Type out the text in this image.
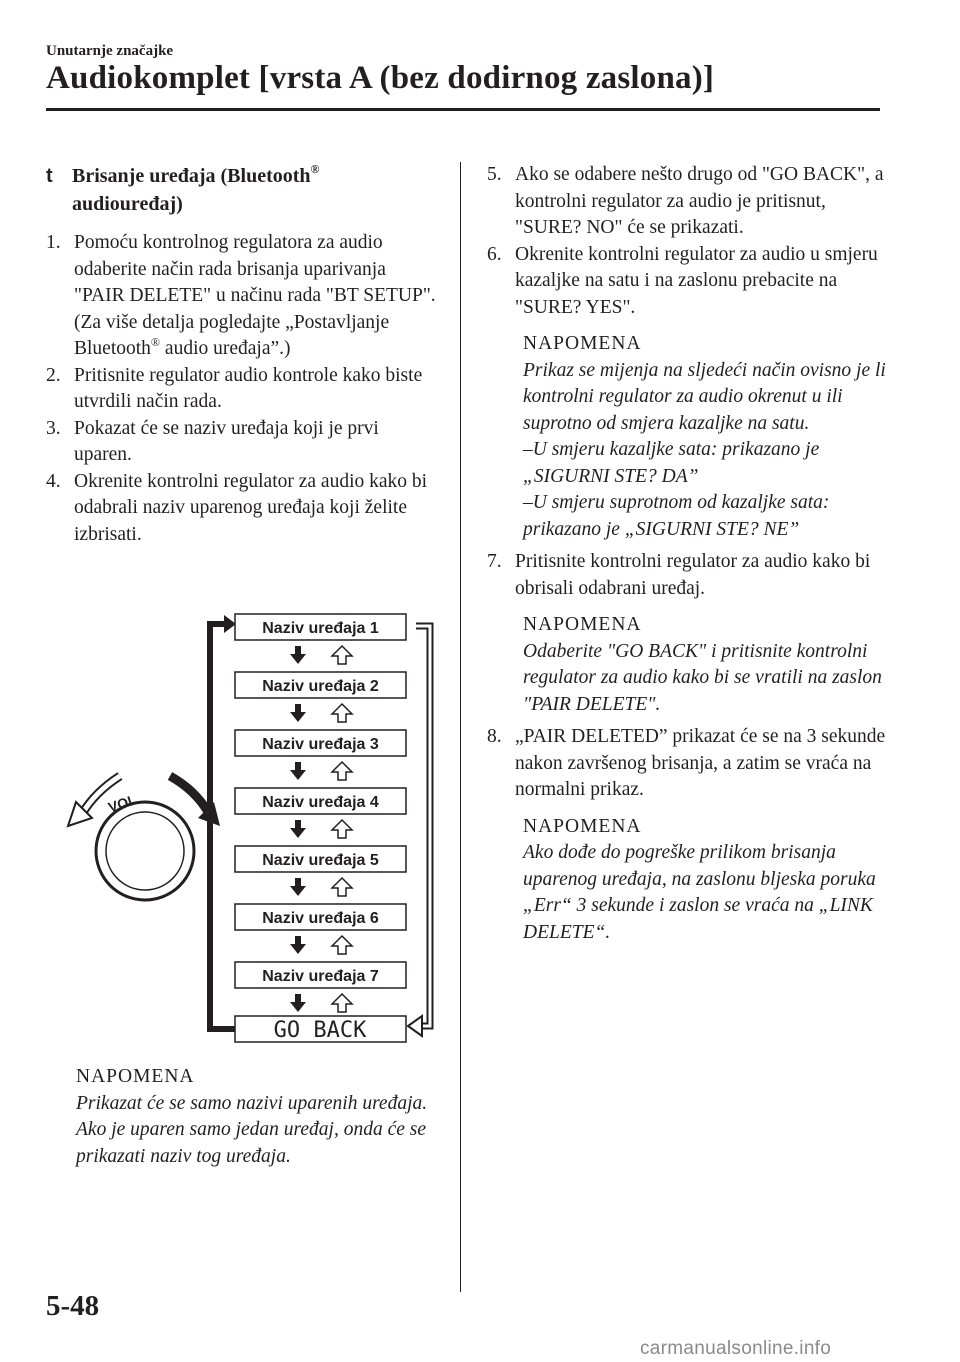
Unutarnje značajke
Audiokomplet [vrsta A (bez dodirnog zaslona)]
t Brisanje uređaja (Bluetooth®
audiouređaj)
1. Pomoću kontrolnog regulatora za audio odaberite način rada brisanja uparivanja "PAIR DELETE" u načinu rada "BT SETUP". (Za više detalja pogledajte „Postavljanje Bluetooth® audio uređaja”.)
2. Pritisnite regulator audio kontrole kako biste utvrdili način rada.
3. Pokazat će se naziv uređaja koji je prvi uparen.
4. Okrenite kontrolni regulator za audio kako bi odabrali naziv uparenog uređaja koji želite izbrisati.
VOL
Naziv uređaja 1
Naziv uređaja 2
Naziv uređaja 3
Naziv uređaja 4
Naziv uređaja 5
Naziv uređaja 6
Naziv uređaja 7
GO BACK
NAPOMENA
Prikazat će se samo nazivi uparenih uređaja. Ako je uparen samo jedan uređaj, onda će se prikazati naziv tog uređaja.
5. Ako se odabere nešto drugo od "GO BACK", a kontrolni regulator za audio je pritisnut, "SURE? NO" će se prikazati.
6. Okrenite kontrolni regulator za audio u smjeru kazaljke na satu i na zaslonu prebacite na "SURE? YES".
NAPOMENA
Prikaz se mijenja na sljedeći način ovisno je li kontrolni regulator za audio okrenut u ili suprotno od smjera kazaljke na satu.
–U smjeru kazaljke sata: prikazano je „SIGURNI STE? DA”
–U smjeru suprotnom od kazaljke sata: prikazano je „SIGURNI STE? NE”
7. Pritisnite kontrolni regulator za audio kako bi obrisali odabrani uređaj.
NAPOMENA
Odaberite "GO BACK" i pritisnite kontrolni regulator za audio kako bi se vratili na zaslon "PAIR DELETE".
8. „PAIR DELETED” prikazat će se na 3 sekunde nakon završenog brisanja, a zatim se vraća na normalni prikaz.
NAPOMENA
Ako dođe do pogreške prilikom brisanja uparenog uređaja, na zaslonu bljeska poruka „Err“ 3 sekunde i zaslon se vraća na „LINK DELETE“.
5-48
carmanualsonline.info
